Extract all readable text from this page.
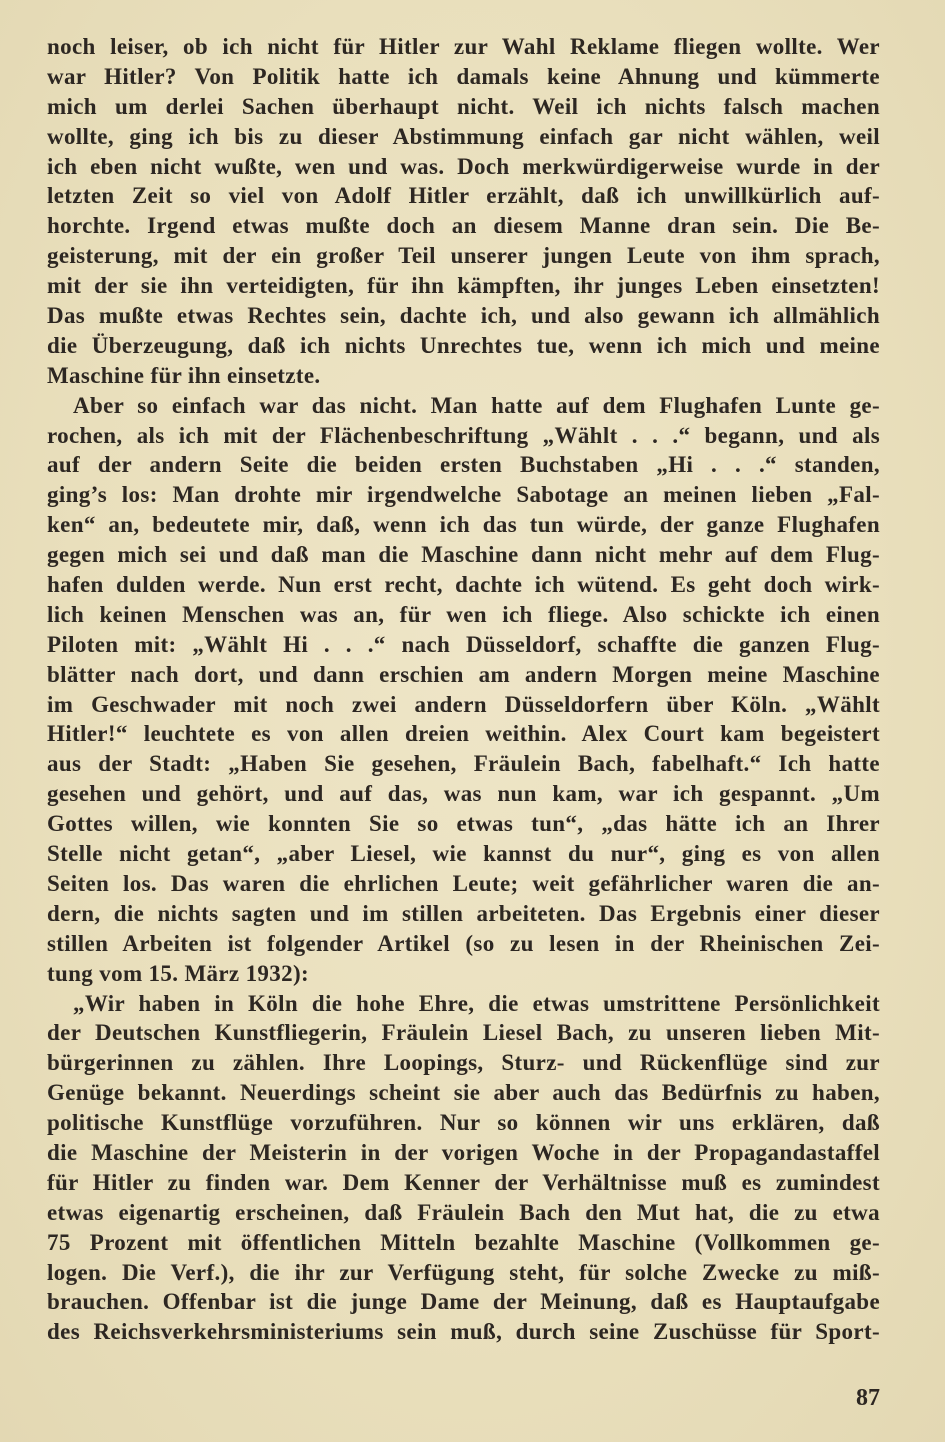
noch leiser, ob ich nicht für Hitler zur Wahl Reklame fliegen wollte. Wer
war Hitler? Von Politik hatte ich damals keine Ahnung und kümmerte
mich um derlei Sachen überhaupt nicht. Weil ich nichts falsch machen
wollte, ging ich bis zu dieser Abstimmung einfach gar nicht wählen, weil
ich eben nicht wußte, wen und was. Doch merkwürdigerweise wurde in der
letzten Zeit so viel von Adolf Hitler erzählt, daß ich unwillkürlich auf-
horchte. Irgend etwas mußte doch an diesem Manne dran sein. Die Be-
geisterung, mit der ein großer Teil unserer jungen Leute von ihm sprach,
mit der sie ihn verteidigten, für ihn kämpften, ihr junges Leben einsetzten!
Das mußte etwas Rechtes sein, dachte ich, und also gewann ich allmählich
die Überzeugung, daß ich nichts Unrechtes tue, wenn ich mich und meine
Maschine für ihn einsetzte.
Aber so einfach war das nicht. Man hatte auf dem Flughafen Lunte ge-
rochen, als ich mit der Flächenbeschriftung „Wählt . . .“ begann, und als
auf der andern Seite die beiden ersten Buchstaben „Hi . . .“ standen,
ging’s los: Man drohte mir irgendwelche Sabotage an meinen lieben „Fal-
ken“ an, bedeutete mir, daß, wenn ich das tun würde, der ganze Flughafen
gegen mich sei und daß man die Maschine dann nicht mehr auf dem Flug-
hafen dulden werde. Nun erst recht, dachte ich wütend. Es geht doch wirk-
lich keinen Menschen was an, für wen ich fliege. Also schickte ich einen
Piloten mit: „Wählt Hi . . .“ nach Düsseldorf, schaffte die ganzen Flug-
blätter nach dort, und dann erschien am andern Morgen meine Maschine
im Geschwader mit noch zwei andern Düsseldorfern über Köln. „Wählt
Hitler!“ leuchtete es von allen dreien weithin. Alex Court kam begeistert
aus der Stadt: „Haben Sie gesehen, Fräulein Bach, fabelhaft.“ Ich hatte
gesehen und gehört, und auf das, was nun kam, war ich gespannt. „Um
Gottes willen, wie konnten Sie so etwas tun“, „das hätte ich an Ihrer
Stelle nicht getan“, „aber Liesel, wie kannst du nur“, ging es von allen
Seiten los. Das waren die ehrlichen Leute; weit gefährlicher waren die an-
dern, die nichts sagten und im stillen arbeiteten. Das Ergebnis einer dieser
stillen Arbeiten ist folgender Artikel (so zu lesen in der Rheinischen Zei-
tung vom 15. März 1932):
„Wir haben in Köln die hohe Ehre, die etwas umstrittene Persönlichkeit
der Deutschen Kunstfliegerin, Fräulein Liesel Bach, zu unseren lieben Mit-
bürgerinnen zu zählen. Ihre Loopings, Sturz- und Rückenflüge sind zur
Genüge bekannt. Neuerdings scheint sie aber auch das Bedürfnis zu haben,
politische Kunstflüge vorzuführen. Nur so können wir uns erklären, daß
die Maschine der Meisterin in der vorigen Woche in der Propagandastaffel
für Hitler zu finden war. Dem Kenner der Verhältnisse muß es zumindest
etwas eigenartig erscheinen, daß Fräulein Bach den Mut hat, die zu etwa
75 Prozent mit öffentlichen Mitteln bezahlte Maschine (Vollkommen ge-
logen. Die Verf.), die ihr zur Verfügung steht, für solche Zwecke zu miß-
brauchen. Offenbar ist die junge Dame der Meinung, daß es Hauptaufgabe
des Reichsverkehrsministeriums sein muß, durch seine Zuschüsse für Sport-
87
